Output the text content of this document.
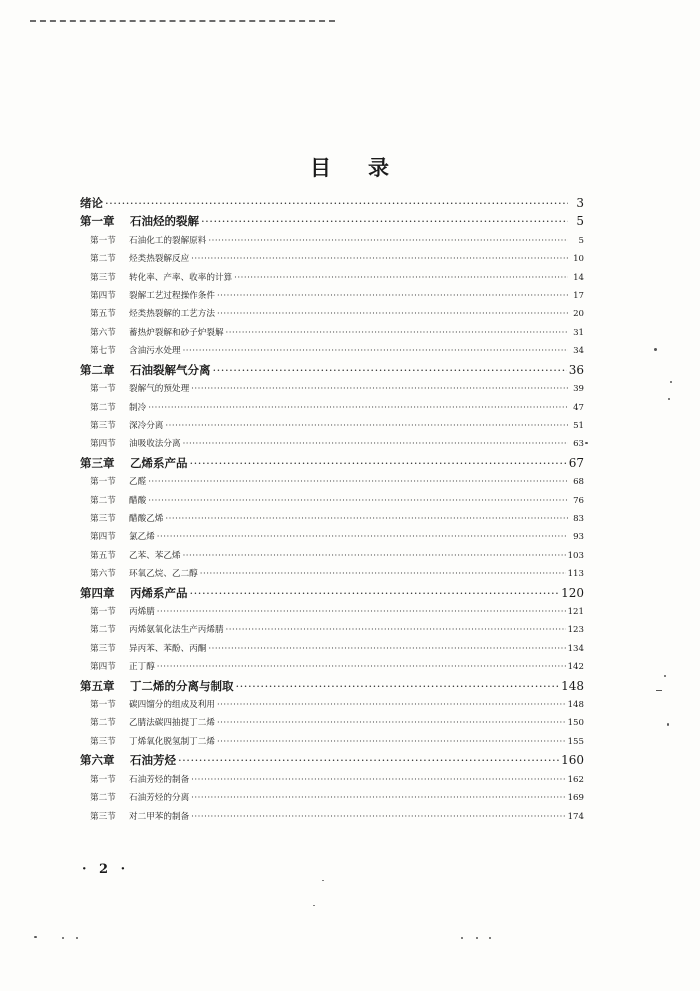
目 录
绪论 ·····	3
第一章	石油烃的裂解 ·····	5
第一节	石油化工的裂解原料 ·····	5
第二节	烃类热裂解反应 ·····	10
第三节	转化率、产率、收率的计算 ·····	14
第四节	裂解工艺过程操作条件 ·····	17
第五节	烃类热裂解的工艺方法 ·····	20
第六节	蓄热炉裂解和砂子炉裂解 ·····	31
第七节	含油污水处理 ·····	34
第二章	石油裂解气分离 ·····	36
第一节	裂解气的预处理 ·····	39
第二节	制冷 ·····	47
第三节	深冷分离 ·····	51
第四节	油吸收法分离 ·····	63
第三章	乙烯系产品 ·····	67
第一节	乙醛 ·····	68
第二节	醋酸 ·····	76
第三节	醋酸乙烯 ·····	83
第四节	氯乙烯 ·····	93
第五节	乙苯、苯乙烯 ·····	103
第六节	环氧乙烷、乙二醇 ·····	113
第四章	丙烯系产品 ·····	120
第一节	丙烯腈 ·····	121
第二节	丙烯氨氧化法生产丙烯腈 ·····	123
第三节	异丙苯、苯酚、丙酮 ·····	134
第四节	正丁醇 ·····	142
第五章	丁二烯的分离与制取 ·····	148
第一节	碳四馏分的组成及利用 ·····	148
第二节	乙腈法碳四抽提丁二烯 ·····	150
第三节	丁烯氧化脱氢制丁二烯 ·····	155
第六章	石油芳烃 ·····	160
第一节	石油芳烃的制备 ·····	162
第二节	石油芳烃的分离 ·····	169
第三节	对二甲苯的制备 ·····	174
· 2 ·
